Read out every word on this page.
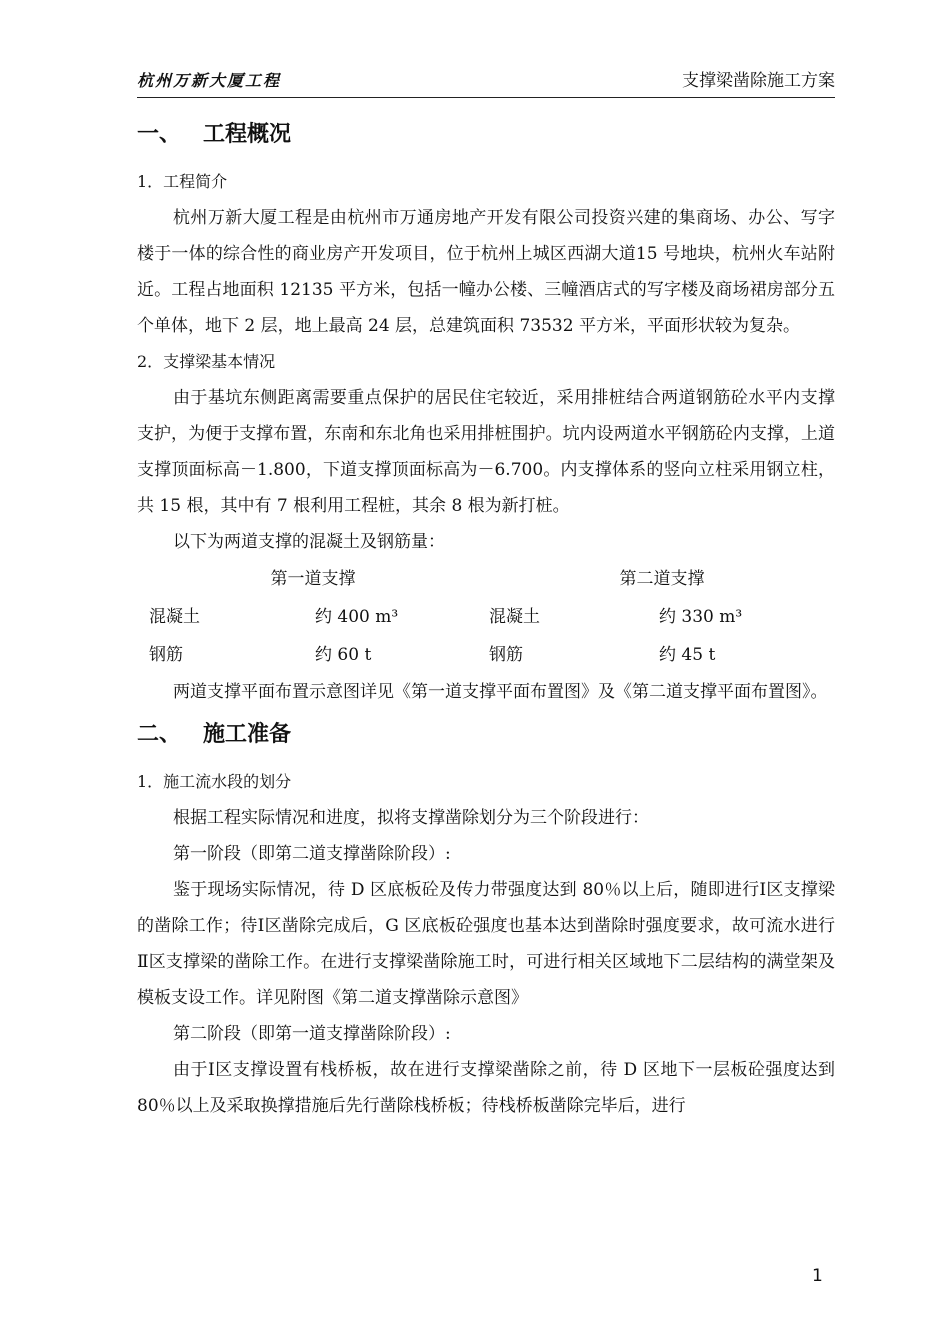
杭州万新大厦工程	支撑梁凿除施工方案
一、 工程概况
1．工程简介
杭州万新大厦工程是由杭州市万通房地产开发有限公司投资兴建的集商场、办公、写字楼于一体的综合性的商业房产开发项目，位于杭州上城区西湖大道15 号地块，杭州火车站附近。工程占地面积 12135 平方米，包括一幢办公楼、三幢酒店式的写字楼及商场裙房部分五个单体，地下 2 层，地上最高 24 层，总建筑面积 73532 平方米，平面形状较为复杂。
2．支撑梁基本情况
由于基坑东侧距离需要重点保护的居民住宅较近，采用排桩结合两道钢筋砼水平内支撑支护，为便于支撑布置，东南和东北角也采用排桩围护。坑内设两道水平钢筋砼内支撑，上道支撑顶面标高－1.800，下道支撑顶面标高为－6.700。内支撑体系的竖向立柱采用钢立柱，共 15 根，其中有 7 根利用工程桩，其余 8 根为新打桩。
以下为两道支撑的混凝土及钢筋量：
第一道支撑	第二道支撑
混凝土	约 400 m³	混凝土	约 330 m³
钢筋	约 60 t	钢筋	约 45 t
两道支撑平面布置示意图详见《第一道支撑平面布置图》及《第二道支撑平面布置图》。
二、 施工准备
1．施工流水段的划分
根据工程实际情况和进度，拟将支撑凿除划分为三个阶段进行：
第一阶段（即第二道支撑凿除阶段）:
鉴于现场实际情况，待 D 区底板砼及传力带强度达到 80％以上后，随即进行Ⅰ区支撑梁的凿除工作；待Ⅰ区凿除完成后，G 区底板砼强度也基本达到凿除时强度要求，故可流水进行Ⅱ区支撑梁的凿除工作。在进行支撑梁凿除施工时，可进行相关区域地下二层结构的满堂架及模板支设工作。详见附图《第二道支撑凿除示意图》
第二阶段（即第一道支撑凿除阶段）:
由于Ⅰ区支撑设置有栈桥板，故在进行支撑梁凿除之前，待 D 区地下一层板砼强度达到 80％以上及采取换撑措施后先行凿除栈桥板；待栈桥板凿除完毕后，进行
1
